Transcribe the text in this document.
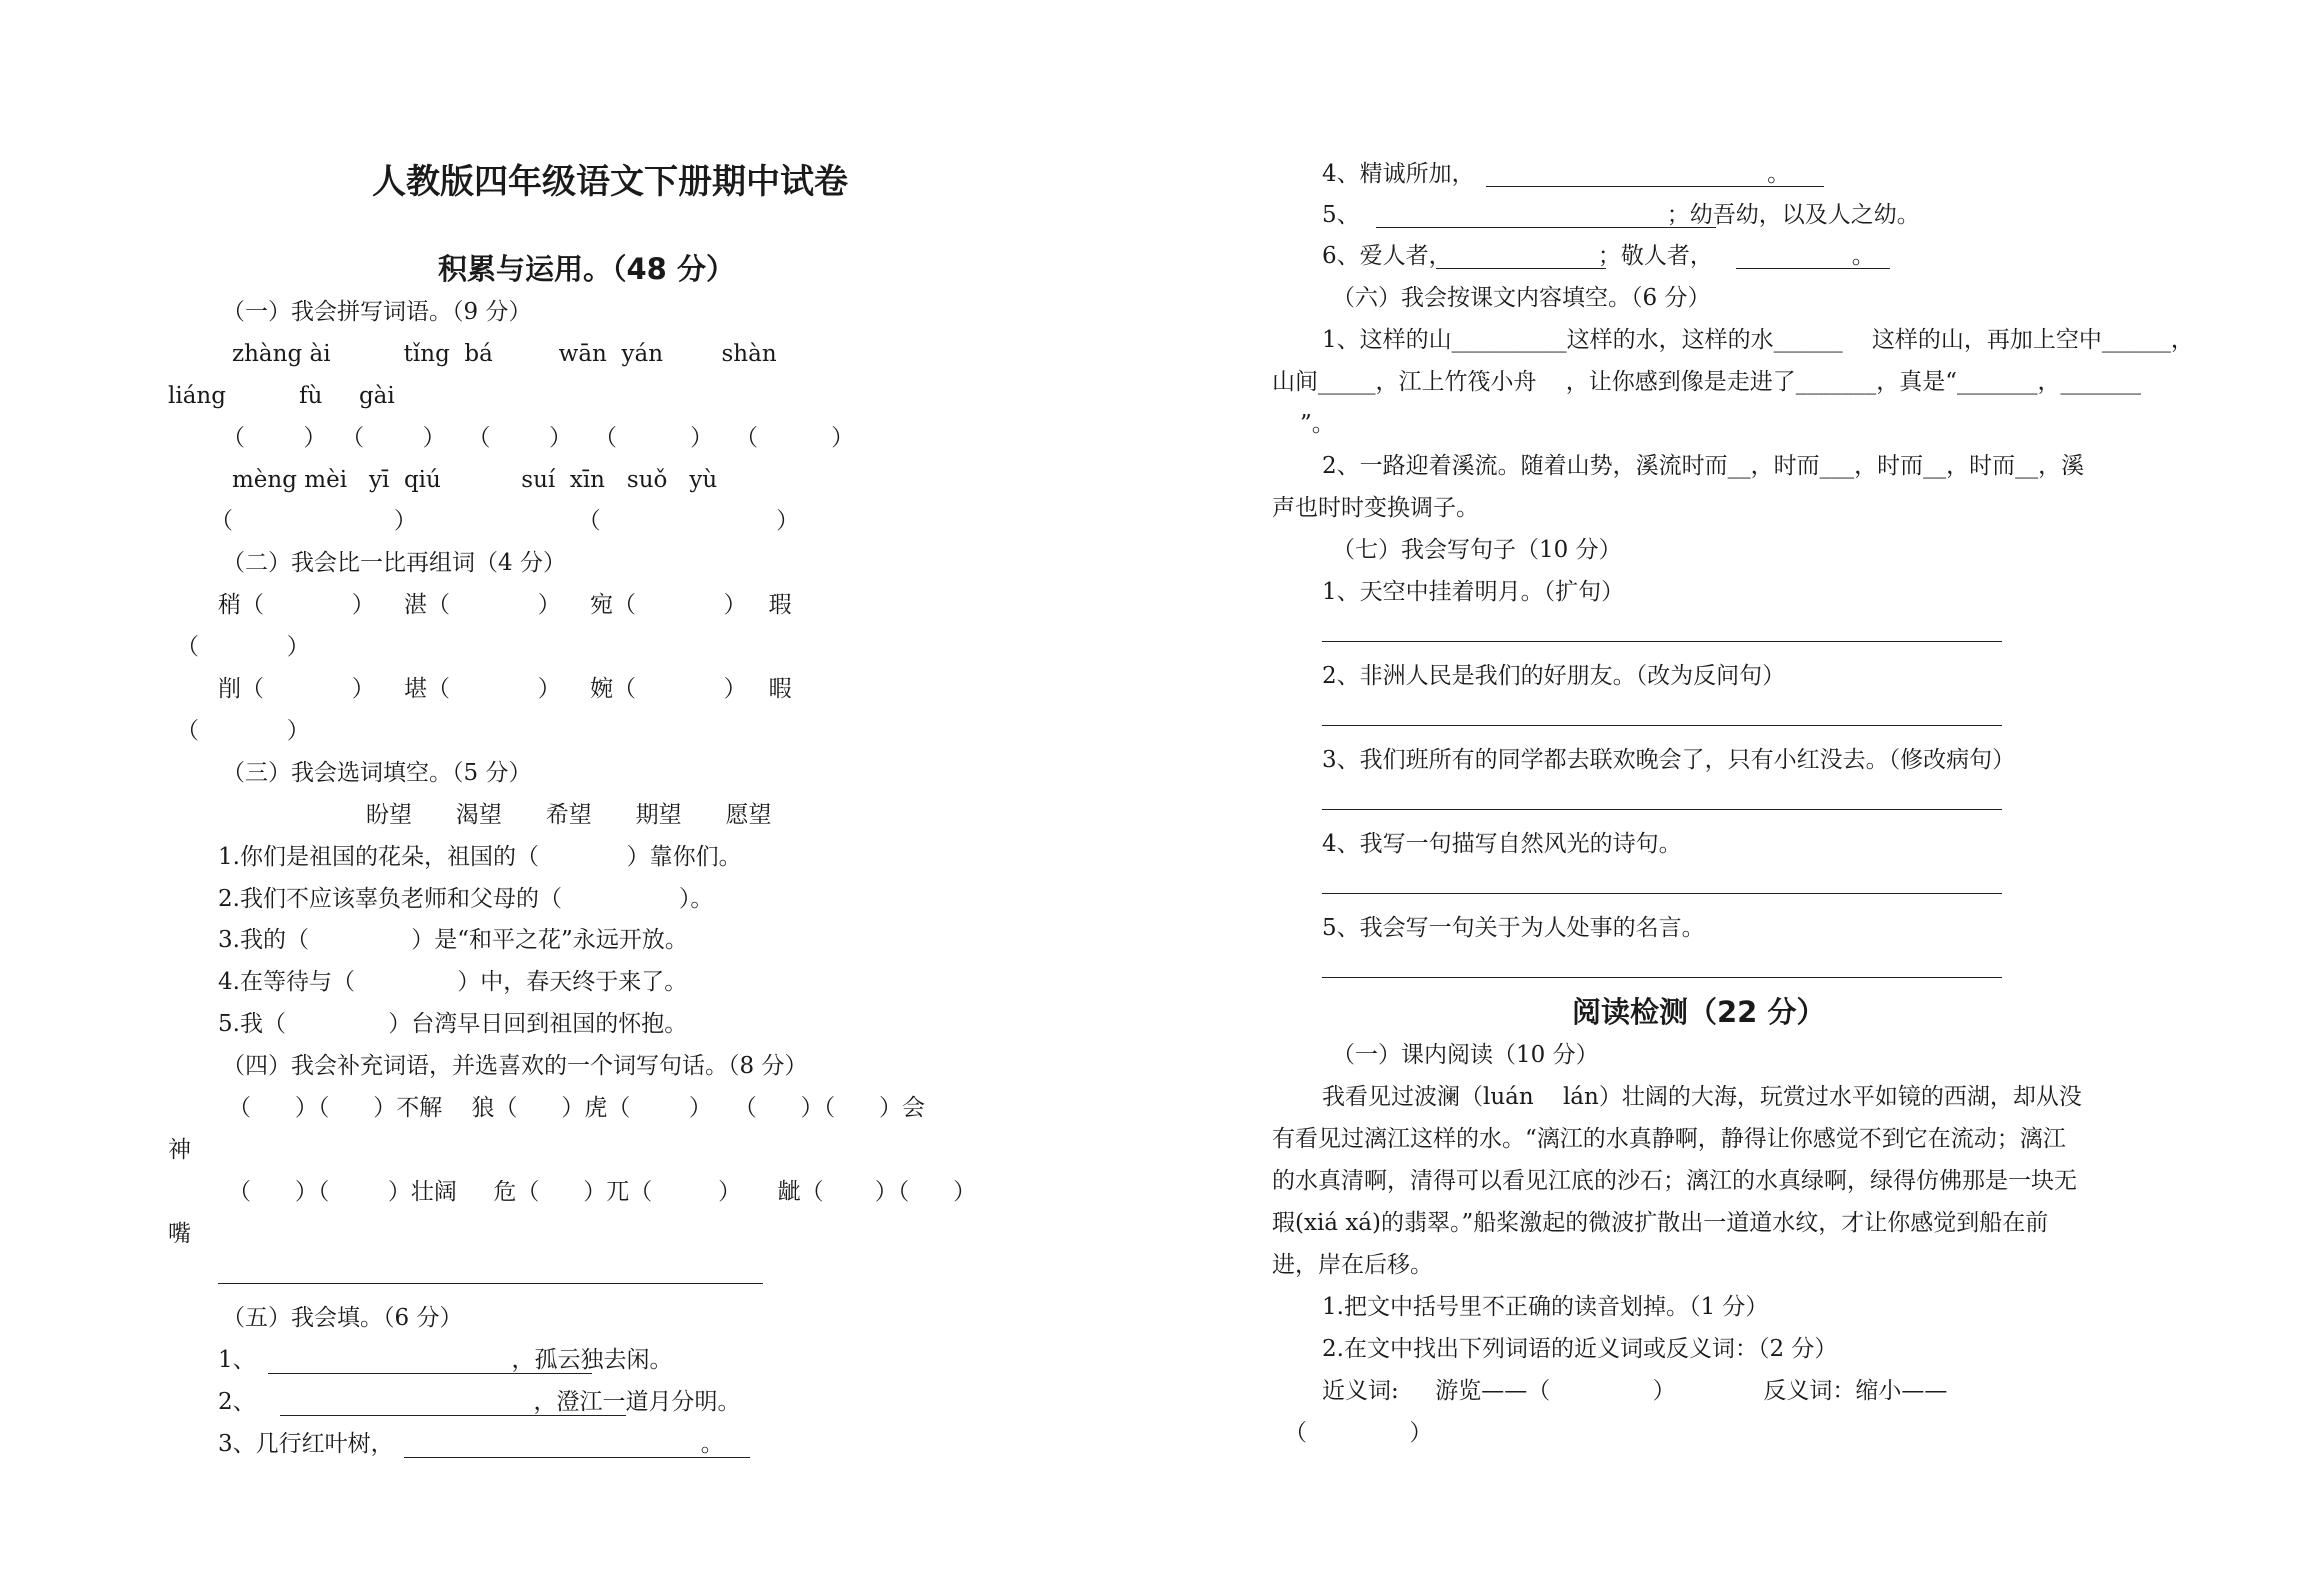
人教版四年级语文下册期中试卷
积累与运用。（48 分）
（一）我会拼写词语。（9 分）
zhàng ài          tǐng  bá         wān  yán        shàn
liáng          fù     gài
（        ）  （        ）   （        ）   （          ）   （          ）
mèng mèi   yī  qiú           suí  xīn   suǒ   yù
（                      ）                      （                        ）
（二）我会比一比再组词（4 分）
稍（            ）    湛（            ）    宛（            ）   瑕
（            ）
削（            ）    堪（            ）    婉（            ）   暇
（            ）
（三）我会选词填空。（5 分）
盼望      渴望      希望      期望      愿望
1.你们是祖国的花朵，祖国的（            ）靠你们。
2.我们不应该辜负老师和父母的（                ）。
3.我的（              ）是“和平之花”永远开放。
4.在等待与（              ）中，春天终于来了。
5.我（              ）台湾早日回到祖国的怀抱。
（四）我会补充词语，并选喜欢的一个词写句话。（8 分）
（      ）（      ）不解    狼（      ）虎（        ）   （      ）（      ）会
神
（      ）（        ）壮阔     危（      ）兀（         ）     龇（       ）（      ）
嘴
（五）我会填。（6 分）
1、                                   ，孤云独去闲。
2、                                      ，澄江一道月分明。
3、几行红叶树，                                          。
4、精诚所加，                                        。
5、                                          ；幼吾幼，以及人之幼。
6、爱人者，                    ；敬人者，                   。
（六）我会按课文内容填空。（6 分）
1、这样的山__________这样的水，这样的水______    这样的山，再加上空中______，
山间_____，江上竹筏小舟    ，让你感到像是走进了_______，真是“_______，_______
”。
2、一路迎着溪流。随着山势，溪流时而__，时而___，时而__，时而__，溪
声也时时变换调子。
（七）我会写句子（10 分）
1、天空中挂着明月。（扩句）
2、非洲人民是我们的好朋友。（改为反问句）
3、我们班所有的同学都去联欢晚会了，只有小红没去。（修改病句）
4、我写一句描写自然风光的诗句。
5、我会写一句关于为人处事的名言。
阅读检测（22 分）
（一）课内阅读（10 分）
我看见过波澜（luán    lán）壮阔的大海，玩赏过水平如镜的西湖，却从没
有看见过漓江这样的水。“漓江的水真静啊，静得让你感觉不到它在流动；漓江
的水真清啊，清得可以看见江底的沙石；漓江的水真绿啊，绿得仿佛那是一块无
瑕(xiá xá)的翡翠。”船桨激起的微波扩散出一道道水纹，才让你感觉到船在前
进，岸在后移。
1.把文中括号里不正确的读音划掉。（1 分）
2.在文中找出下列词语的近义词或反义词：（2 分）
近义词:     游览——（              ）            反义词：缩小——
（              ）
